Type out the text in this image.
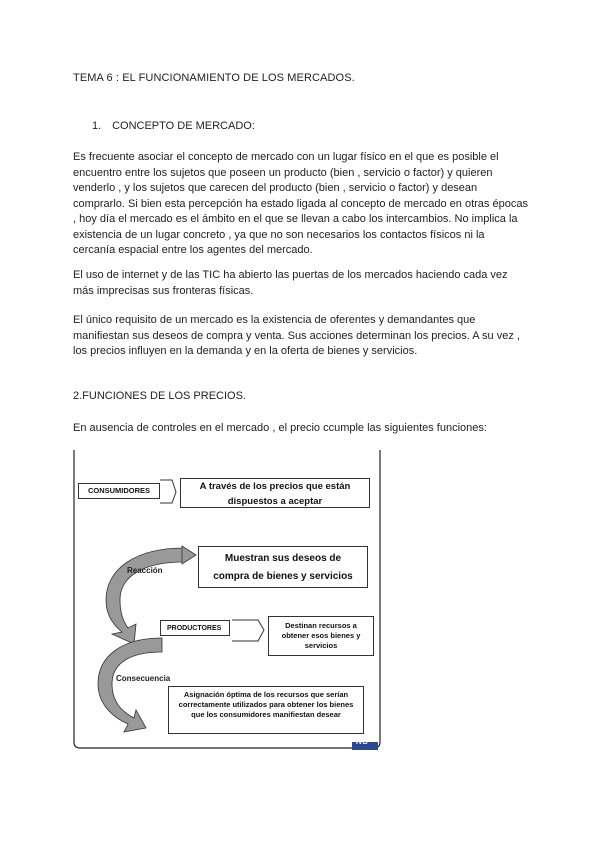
TEMA 6 : EL FUNCIONAMIENTO DE LOS MERCADOS.
1. CONCEPTO DE MERCADO:
Es frecuente asociar el concepto de mercado con un lugar físico en el que es posible el encuentro entre los sujetos que poseen un producto (bien , servicio o factor) y quieren venderlo , y los sujetos que carecen del producto (bien , servicio o factor) y desean comprarlo. Si bien esta percepción ha estado ligada al concepto de mercado en otras épocas , hoy día el mercado es el ámbito en el que se llevan a cabo los intercambios. No implica la existencia de un lugar concreto , ya que no son necesarios los contactos físicos ni la cercanía espacial entre los agentes del mercado.
El uso de internet y de las TIC ha abierto las puertas de los mercados haciendo cada vez más imprecisas sus fronteras físicas.
El único requisito de un mercado es la existencia de oferentes y demandantes que manifiestan sus deseos de compra y venta. Sus acciones determinan los precios. A su vez , los precios influyen en la demanda y en la oferta de bienes y servicios.
2.FUNCIONES DE LOS PRECIOS.
En ausencia de controles en el mercado , el precio ccumple las siguientes funciones:
CONSUMIDORES	A través de los precios que están dispuestos a aceptar
Muestran sus deseos de compra de bienes y servicios
Reacción
PRODUCTORES	Destinan recursos a obtener esos bienes y servicios
Consecuencia
Asignación óptima de los recursos que serían correctamente utilizados para obtener los bienes que los consumidores manifiestan desear
IVB
